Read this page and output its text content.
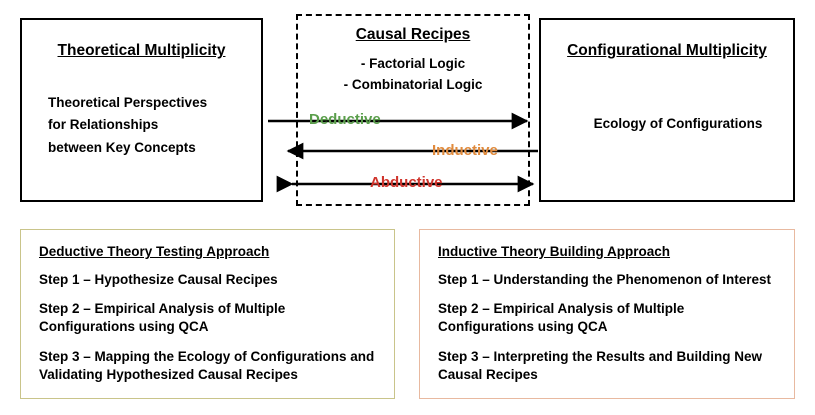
Theoretical Multiplicity
Theoretical Perspectives
for Relationships
between Key Concepts
Causal Recipes
- Factorial Logic
- Combinatorial Logic
Configurational Multiplicity
Ecology of Configurations
Deductive
Inductive
Abductive
Deductive Theory Testing Approach
Step 1 – Hypothesize Causal Recipes
Step 2 – Empirical Analysis of Multiple Configurations using QCA
Step 3 – Mapping the Ecology of Configurations and Validating Hypothesized Causal Recipes
Inductive Theory Building Approach
Step 1 – Understanding the Phenomenon of Interest
Step 2 – Empirical Analysis of Multiple Configurations using QCA
Step 3 – Interpreting the Results and Building New Causal Recipes
